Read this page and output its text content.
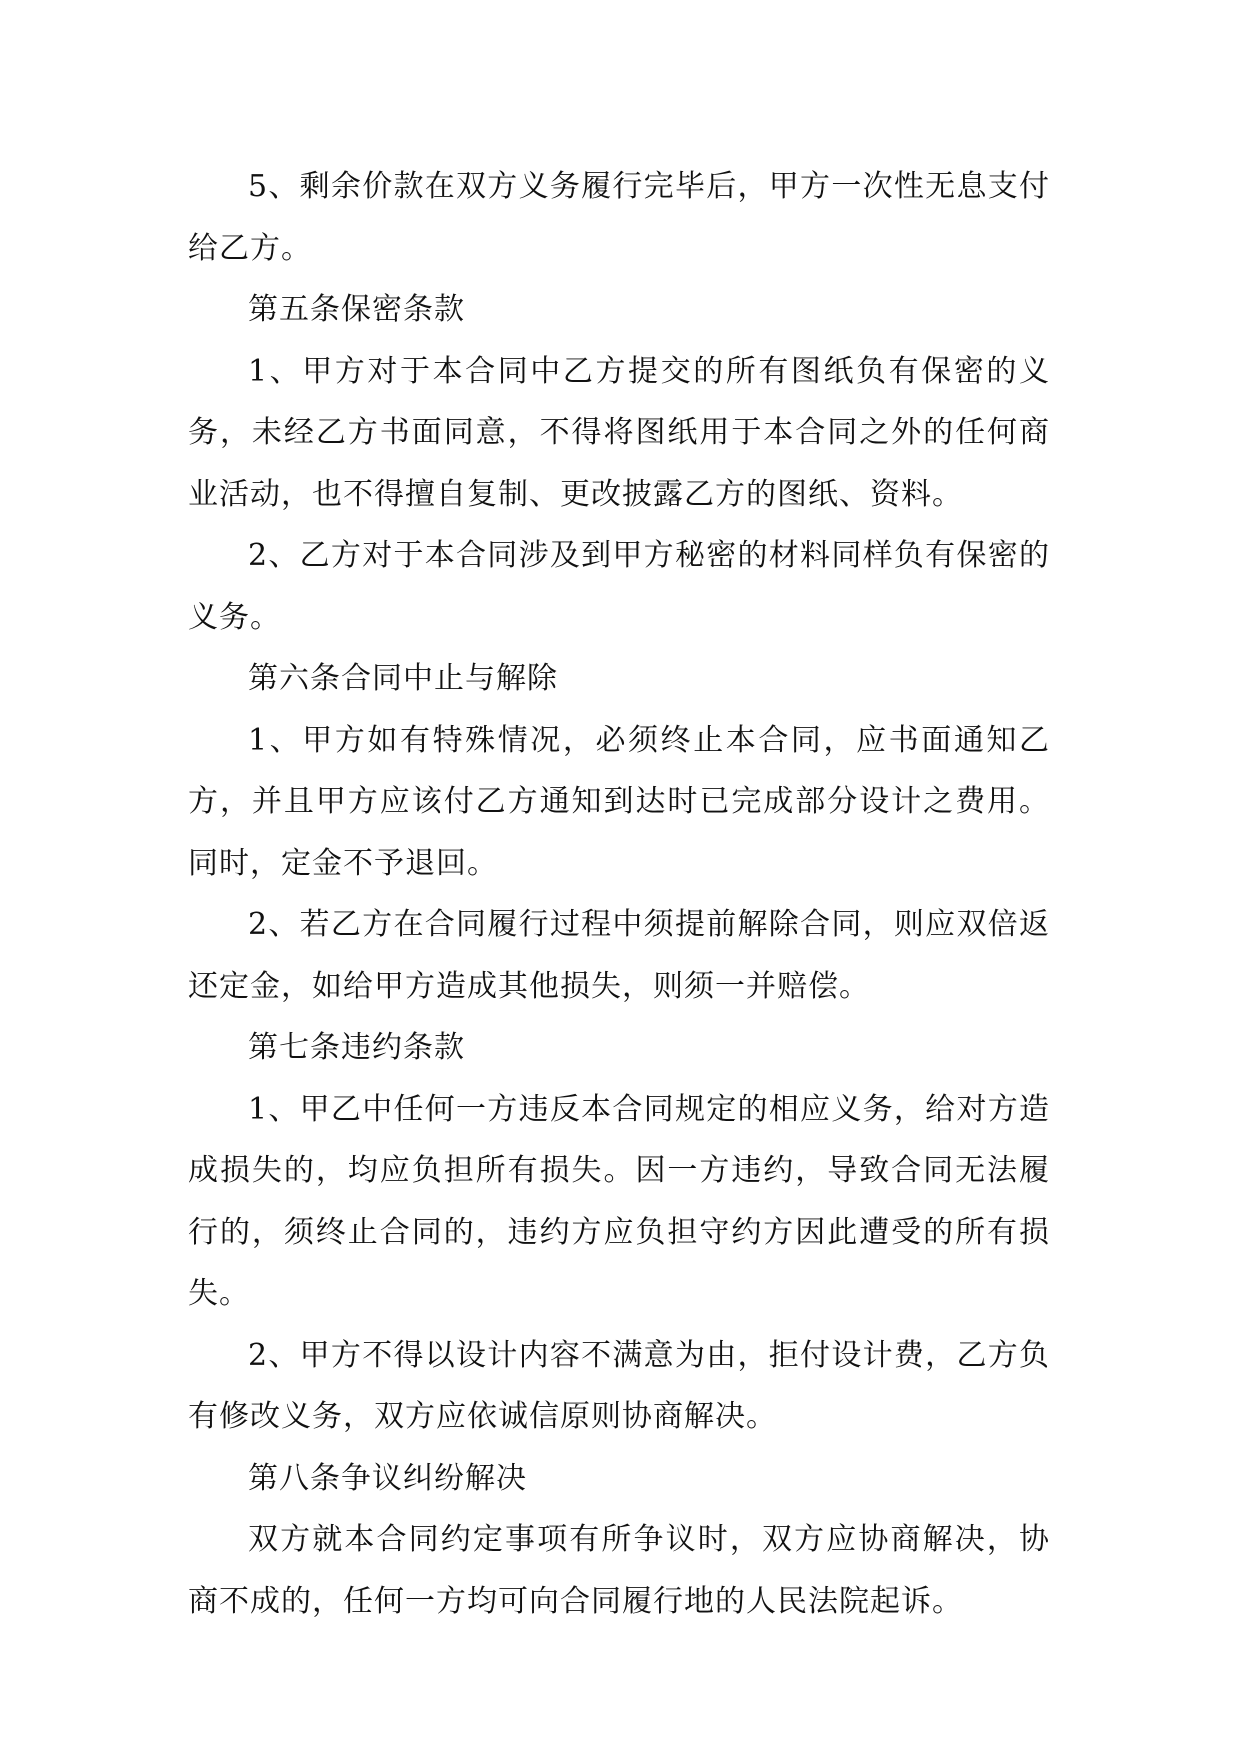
5、剩余价款在双方义务履行完毕后，甲方一次性无息支付给乙方。

第五条保密条款

1、甲方对于本合同中乙方提交的所有图纸负有保密的义务，未经乙方书面同意，不得将图纸用于本合同之外的任何商业活动，也不得擅自复制、更改披露乙方的图纸、资料。

2、乙方对于本合同涉及到甲方秘密的材料同样负有保密的义务。

第六条合同中止与解除

1、甲方如有特殊情况，必须终止本合同，应书面通知乙方，并且甲方应该付乙方通知到达时已完成部分设计之费用。同时，定金不予退回。

2、若乙方在合同履行过程中须提前解除合同，则应双倍返还定金，如给甲方造成其他损失，则须一并赔偿。

第七条违约条款

1、甲乙中任何一方违反本合同规定的相应义务，给对方造成损失的，均应负担所有损失。因一方违约，导致合同无法履行的，须终止合同的，违约方应负担守约方因此遭受的所有损失。

2、甲方不得以设计内容不满意为由，拒付设计费，乙方负有修改义务，双方应依诚信原则协商解决。

第八条争议纠纷解决

双方就本合同约定事项有所争议时，双方应协商解决，协商不成的，任何一方均可向合同履行地的人民法院起诉。
